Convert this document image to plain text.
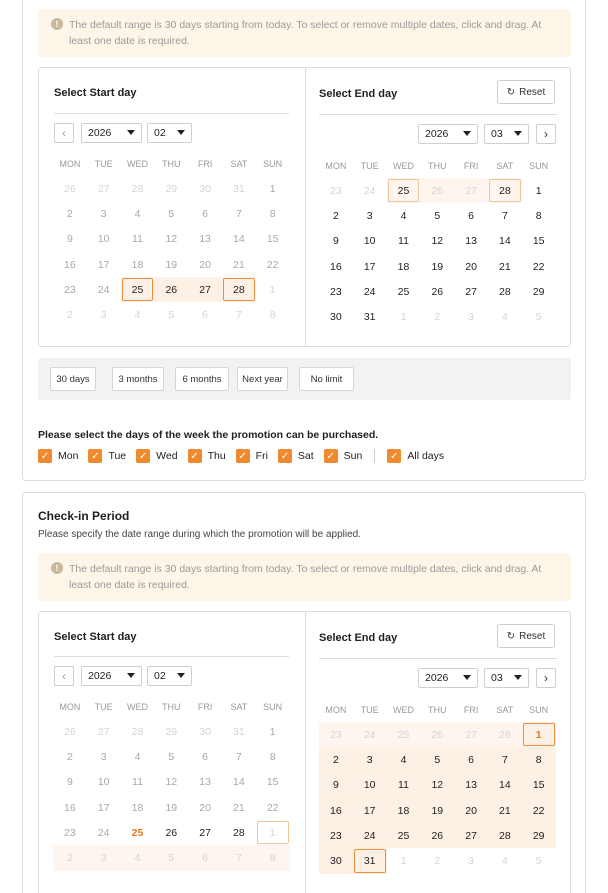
!	The default range is 30 days starting from today. To select or remove multiple dates, click and drag. At least one date is required.
Select Start day
‹ 2026	02
MON	TUE	WED	THU	FRI	SAT	SUN
26	27	28	29	30	31	1
2	3	4	5	6	7	8
9	10	11	12	13	14	15
16	17	18	19	20	21	22
23	24	25	26	27	28	1
2	3	4	5	6	7	8
Select End day	↻ Reset
2026	03	›
MON	TUE	WED	THU	FRI	SAT	SUN
23	24	25	26	27	28	1
2	3	4	5	6	7	8
9	10	11	12	13	14	15
16	17	18	19	20	21	22
23	24	25	26	27	28	29
30	31	1	2	3	4	5
30 days	3 months	6 months	Next year	No limit
Please select the days of the week the promotion can be purchased.
✓ Mon ✓ Tue ✓ Wed ✓ Thu ✓ Fri ✓ Sat ✓ Sun	✓ All days
Check-in Period
Please specify the date range during which the promotion will be applied.
!	The default range is 30 days starting from today. To select or remove multiple dates, click and drag. At least one date is required.
Select Start day
‹ 2026	02
MON	TUE	WED	THU	FRI	SAT	SUN
26	27	28	29	30	31	1
2	3	4	5	6	7	8
9	10	11	12	13	14	15
16	17	18	19	20	21	22
23	24	25	26	27	28	1
2	3	4	5	6	7	8
Select End day	↻ Reset
2026	03	›
MON	TUE	WED	THU	FRI	SAT	SUN
23	24	25	26	27	28	1
2	3	4	5	6	7	8
9	10	11	12	13	14	15
16	17	18	19	20	21	22
23	24	25	26	27	28	29
30	31	1	2	3	4	5
